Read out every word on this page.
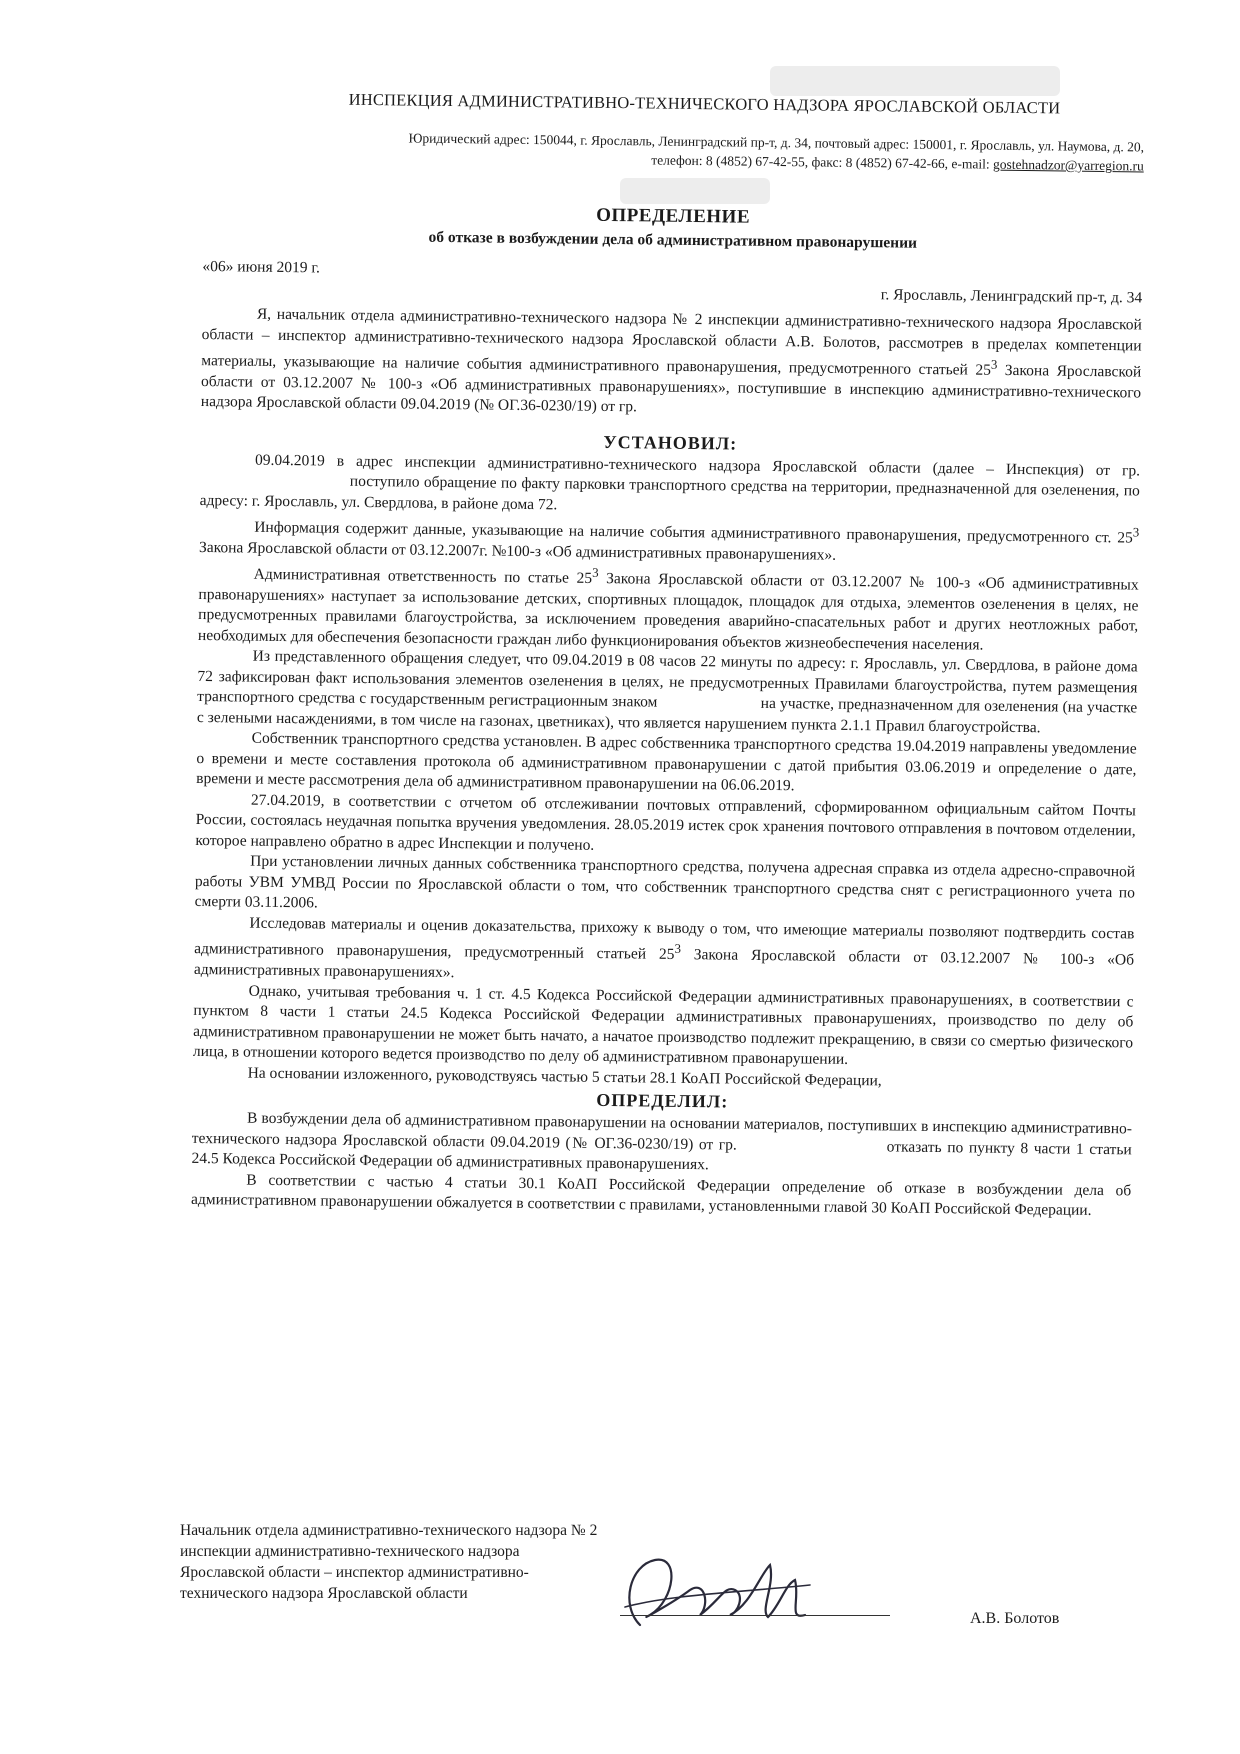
ИНСПЕКЦИЯ АДМИНИСТРАТИВНО-ТЕХНИЧЕСКОГО НАДЗОРА ЯРОСЛАВСКОЙ ОБЛАСТИ
Юридический адрес: 150044, г. Ярославль, Ленинградский пр-т, д. 34, почтовый адрес: 150001, г. Ярославль, ул. Наумова, д. 20,
телефон: 8 (4852) 67-42-55, факс: 8 (4852) 67-42-66, e-mail: gostehnadzor@yarregion.ru
ОПРЕДЕЛЕНИЕ
об отказе в возбуждении дела об административном правонарушении
«06» июня 2019 г.
г. Ярославль, Ленинградский пр-т, д. 34

Я, начальник отдела административно-технического надзора № 2 инспекции административно-технического надзора Ярославской области – инспектор административно-технического надзора Ярославской области А.В. Болотов, рассмотрев в пределах компетенции материалы, указывающие на наличие события административного правонарушения, предусмотренного статьей $25^3$ Закона Ярославской области от 03.12.2007 № 100-з «Об административных правонарушениях», поступившие в инспекцию административно-технического надзора Ярославской области 09.04.2019 (№ ОГ.36-0230/19) от гр.

УСТАНОВИЛ:

09.04.2019 в адрес инспекции административно-технического надзора Ярославской области (далее – Инспекция) от гр.поступило обращение по факту парковки транспортного средства на территории, предназначенной для озеленения, по адресу: г. Ярославль, ул. Свердлова, в районе дома 72.

Информация содержит данные, указывающие на наличие события административного правонарушения, предусмотренного ст. $25^3$ Закона Ярославской области от 03.12.2007г. №100-з «Об административных правонарушениях».

Административная ответственность по статье $25^3$ Закона Ярославской области от 03.12.2007 № 100-з «Об административных правонарушениях» наступает за использование детских, спортивных площадок, площадок для отдыха, элементов озеленения в целях, не предусмотренных правилами благоустройства, за исключением проведения аварийно-спасательных работ и других неотложных работ, необходимых для обеспечения безопасности граждан либо функционирования объектов жизнеобеспечения населения.

Из представленного обращения следует, что 09.04.2019 в 08 часов 22 минуты по адресу: г. Ярославль, ул. Свердлова, в районе дома 72 зафиксирован факт использования элементов озеленения в целях, не предусмотренных Правилами благоустройства, путем размещения транспортного средства с государственным регистрационным знаком	на участке, предназначенном для озеленения (на участке с зелеными насаждениями, в том числе на газонах, цветниках), что является нарушением пункта 2.1.1 Правил благоустройства.

Собственник транспортного средства установлен. В адрес собственника транспортного средства 19.04.2019 направлены уведомление о времени и месте составления протокола об административном правонарушении с датой прибытия 03.06.2019 и определение о дате, времени и месте рассмотрения дела об административном правонарушении на 06.06.2019.

27.04.2019, в соответствии с отчетом об отслеживании почтовых отправлений, сформированном официальным сайтом Почты России, состоялась неудачная попытка вручения уведомления. 28.05.2019 истек срок хранения почтового отправления в почтовом отделении, которое направлено обратно в адрес Инспекции и получено.

При установлении личных данных собственника транспортного средства, получена адресная справка из отдела адресно-справочной работы УВМ УМВД России по Ярославской области о том, что собственник транспортного средства снят с регистрационного учета по смерти 03.11.2006.

Исследовав материалы и оценив доказательства, прихожу к выводу о том, что имеющие материалы позволяют подтвердить состав административного правонарушения, предусмотренный статьей $25^3$ Закона Ярославской области от 03.12.2007 № 100-з «Об административных правонарушениях».

Однако, учитывая требования ч. 1 ст. 4.5 Кодекса Российской Федерации административных правонарушениях, в соответствии с пунктом 8 части 1 статьи 24.5 Кодекса Российской Федерации административных правонарушениях, производство по делу об административном правонарушении не может быть начато, а начатое производство подлежит прекращению, в связи со смертью физического лица, в отношении которого ведется производство по делу об административном правонарушении.

На основании изложенного, руководствуясь частью 5 статьи 28.1 КоАП Российской Федерации,

ОПРЕДЕЛИЛ:

В возбуждении дела об административном правонарушении на основании материалов, поступивших в инспекцию административно-технического надзора Ярославской области 09.04.2019 (№ ОГ.36-0230/19) от гр.	отказать по пункту 8 части 1 статьи 24.5 Кодекса Российской Федерации об административных правонарушениях.

В соответствии с частью 4 статьи 30.1 КоАП Российской Федерации определение об отказе в возбуждении дела об административном правонарушении обжалуется в соответствии с правилами, установленными главой 30 КоАП Российской Федерации.

Начальник отдела административно-технического надзора № 2
инспекции административно-технического надзора
Ярославской области – инспектор административно-
технического надзора Ярославской области
А.В. Болотов
